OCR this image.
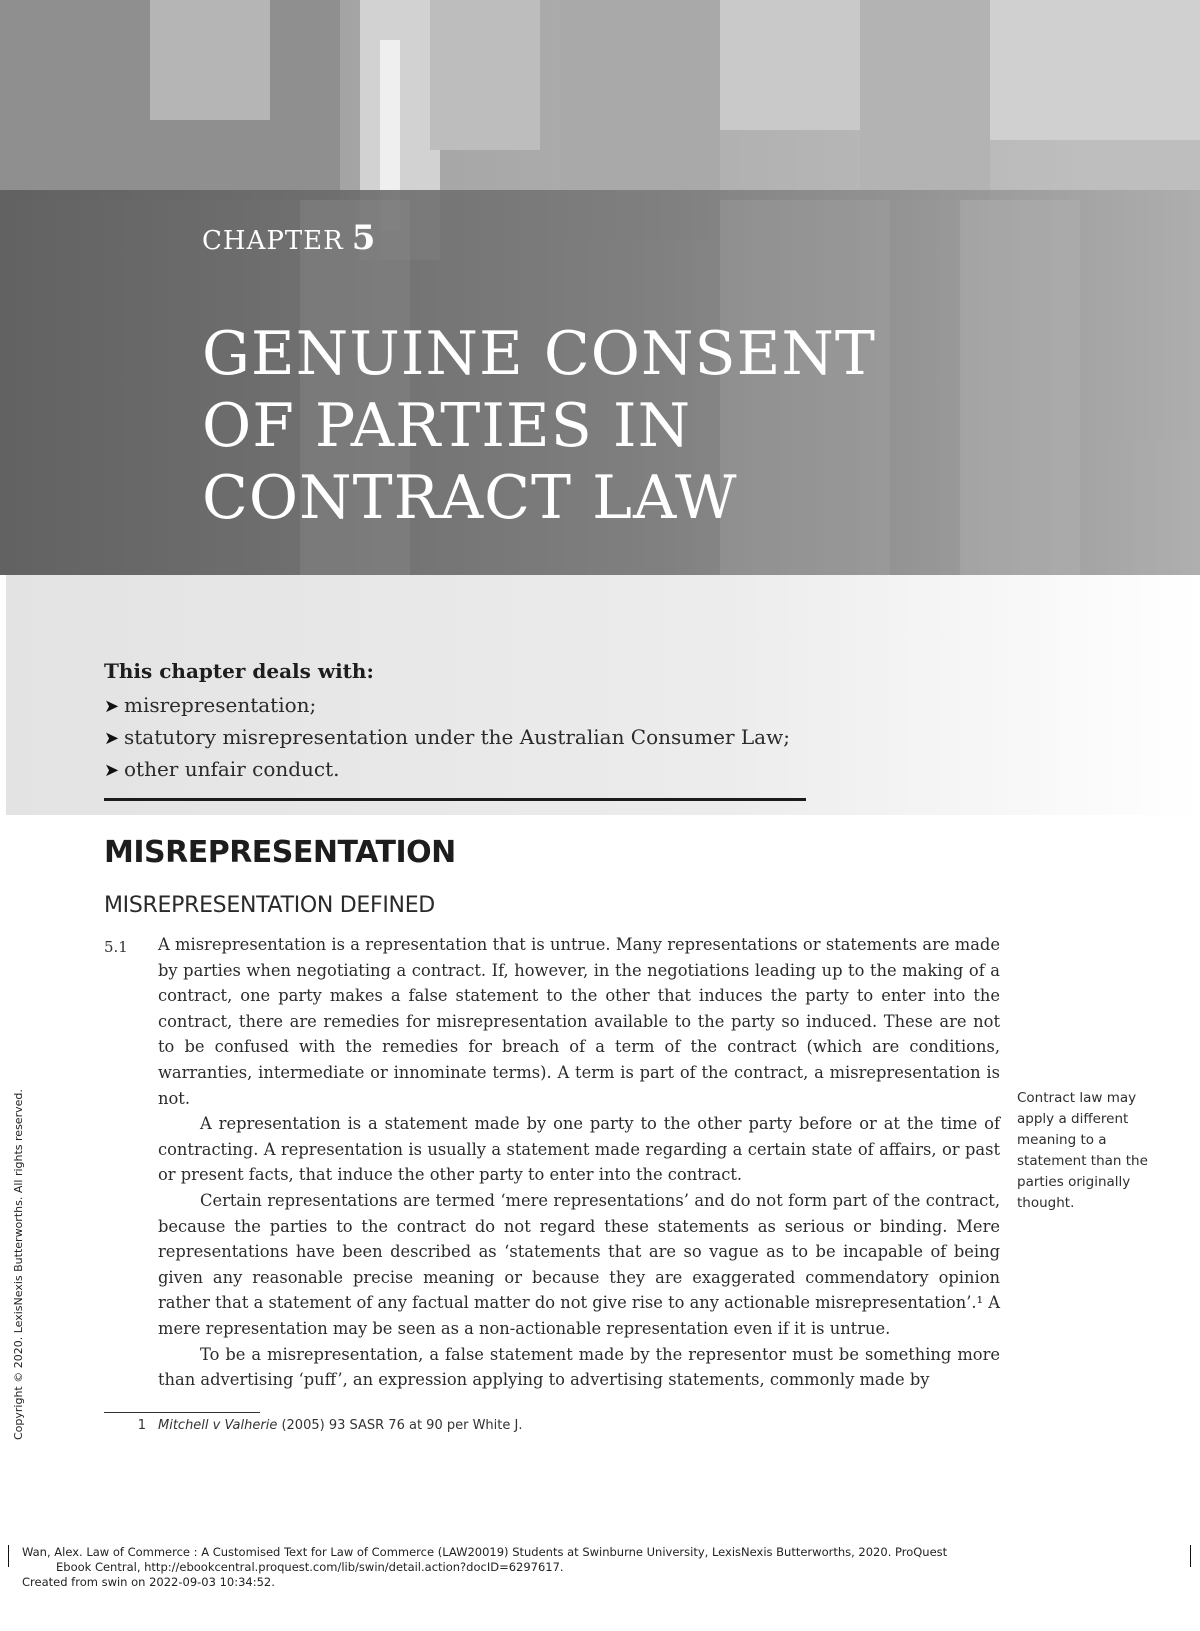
CHAPTER 5
GENUINE CONSENT
OF PARTIES IN
CONTRACT LAW
This chapter deals with:
➤ misrepresentation;
➤ statutory misrepresentation under the Australian Consumer Law;
➤ other unfair conduct.
MISREPRESENTATION
MISREPRESENTATION DEFINED
5.1 A misrepresentation is a representation that is untrue. Many representations or statements are made by parties when negotiating a contract. If, however, in the negotiations leading up to the making of a contract, one party makes a false statement to the other that induces the party to enter into the contract, there are remedies for misrepresentation available to the party so induced. These are not to be confused with the remedies for breach of a term of the contract (which are conditions, warranties, intermediate or innominate terms). A term is part of the contract, a misrepresentation is not.

A representation is a statement made by one party to the other party before or at the time of contracting. A representation is usually a statement made regarding a certain state of affairs, or past or present facts, that induce the other party to enter into the contract.

Certain representations are termed ‘mere representations’ and do not form part of the contract, because the parties to the contract do not regard these statements as serious or binding. Mere representations have been described as ‘statements that are so vague as to be incapable of being given any reasonable precise meaning or because they are exaggerated commendatory opinion rather that a statement of any factual matter do not give rise to any actionable misrepresentation’.¹ A mere representation may be seen as a non-actionable representation even if it is untrue.

To be a misrepresentation, a false statement made by the representor must be something more than advertising ‘puff’, an expression applying to advertising statements, commonly made by

Contract law may apply a different meaning to a statement than the parties originally thought.
1 Mitchell v Valherie (2005) 93 SASR 76 at 90 per White J.
Copyright © 2020. LexisNexis Butterworths. All rights reserved.
Wan, Alex. Law of Commerce : A Customised Text for Law of Commerce (LAW20019) Students at Swinburne University, LexisNexis Butterworths, 2020. ProQuest
Ebook Central, http://ebookcentral.proquest.com/lib/swin/detail.action?docID=6297617.
Created from swin on 2022-09-03 10:34:52.
